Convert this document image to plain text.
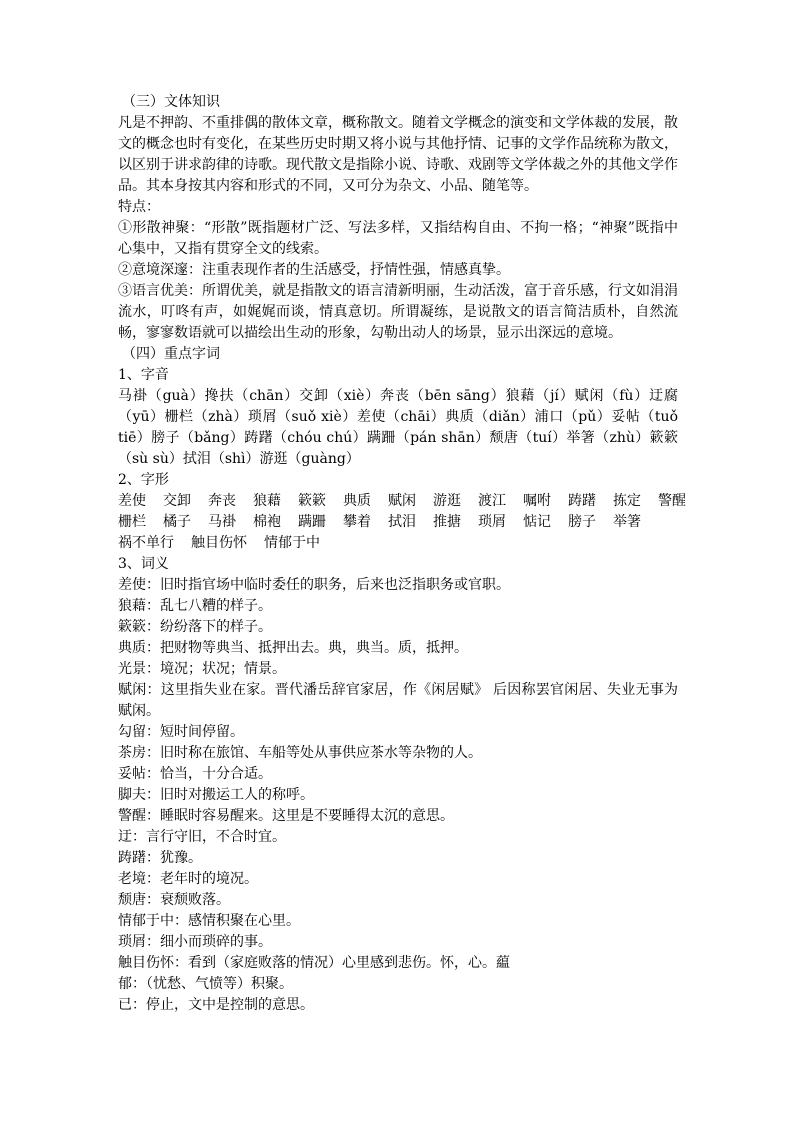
（三）文体知识
凡是不押韵、不重排偶的散体文章，概称散文。随着文学概念的演变和文学体裁的发展，散文的概念也时有变化，在某些历史时期又将小说与其他抒情、记事的文学作品统称为散文，以区别于讲求韵律的诗歌。现代散文是指除小说、诗歌、戏剧等文学体裁之外的其他文学作品。其本身按其内容和形式的不同，又可分为杂文、小品、随笔等。
特点：
①形散神聚：“形散”既指题材广泛、写法多样，又指结构自由、不拘一格；“神聚”既指中心集中，又指有贯穿全文的线索。
②意境深邃：注重表现作者的生活感受，抒情性强，情感真挚。
③语言优美：所谓优美，就是指散文的语言清新明丽，生动活泼，富于音乐感，行文如涓涓流水，叮咚有声，如娓娓而谈，情真意切。所谓凝练，是说散文的语言简洁质朴，自然流畅，寥寥数语就可以描绘出生动的形象，勾勒出动人的场景，显示出深远的意境。
（四）重点字词
1、字音
马褂（guà）搀扶（chān）交卸（xiè）奔丧（bēn sāng）狼藉（jí）赋闲（fù）迂腐（yū）栅栏（zhà）琐屑（suǒ xiè）差使（chāi）典质（diǎn）浦口（pǔ）妥帖（tuǒ tiē）膀子（bǎng）踌躇（chóu chú）蹒跚（pán shān）颓唐（tuí）举箸（zhù）簌簌（sù sù）拭泪（shì）游逛（guàng）
2、字形
差使 交卸 奔丧 狼藉 簌簌 典质 赋闲 游逛 渡江 嘱咐 踌躇 拣定 警醒
栅栏 橘子 马褂 棉袍 蹒跚 攀着 拭泪 推搪 琐屑 惦记 膀子 举箸
祸不单行 触目伤怀 情郁于中
3、词义
差使：旧时指官场中临时委任的职务，后来也泛指职务或官职。
狼藉：乱七八糟的样子。
簌簌：纷纷落下的样子。
典质：把财物等典当、抵押出去。典，典当。质，抵押。
光景：境况；状况；情景。
赋闲：这里指失业在家。晋代潘岳辞官家居，作《闲居赋》 后因称罢官闲居、失业无事为赋闲。
勾留：短时间停留。
茶房：旧时称在旅馆、车船等处从事供应茶水等杂物的人。
妥帖：恰当，十分合适。
脚夫：旧时对搬运工人的称呼。
警醒：睡眠时容易醒来。这里是不要睡得太沉的意思。
迂：言行守旧，不合时宜。
踌躇：犹豫。
老境：老年时的境况。
颓唐：衰颓败落。
情郁于中：感情积聚在心里。
琐屑：细小而琐碎的事。
触目伤怀：看到（家庭败落的情况）心里感到悲伤。怀，心。藴
郁：（忧愁、气愤等）积聚。
已：停止，文中是控制的意思。
